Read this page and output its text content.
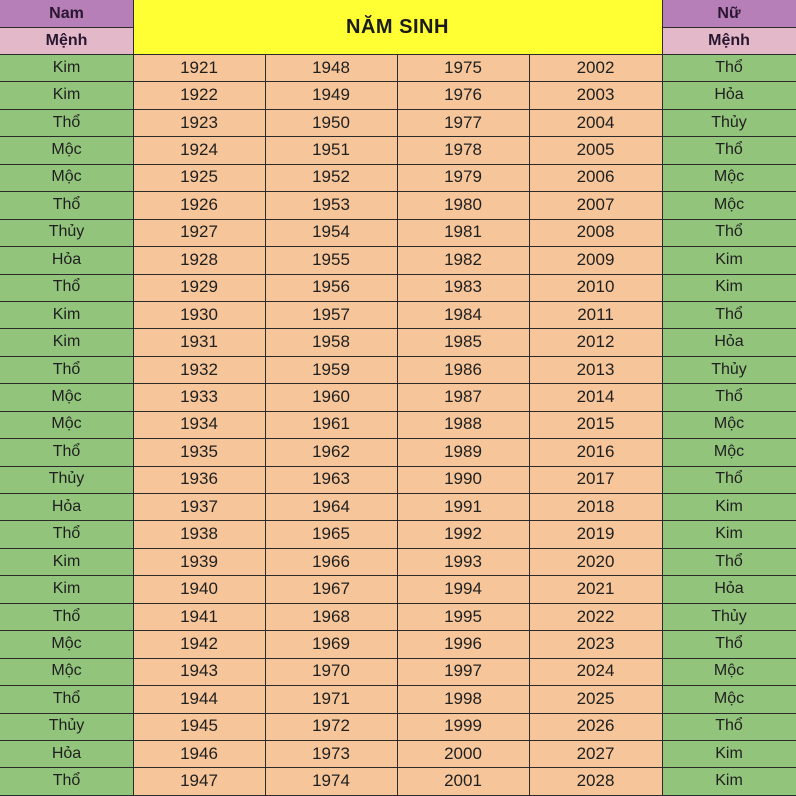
Nam
Mệnh
NĂM SINH
Nữ
Mệnh
Kim	1921	1948	1975	2002	Thổ
Kim	1922	1949	1976	2003	Hỏa
Thổ	1923	1950	1977	2004	Thủy
Mộc	1924	1951	1978	2005	Thổ
Mộc	1925	1952	1979	2006	Mộc
Thổ	1926	1953	1980	2007	Mộc
Thủy	1927	1954	1981	2008	Thổ
Hỏa	1928	1955	1982	2009	Kim
Thổ	1929	1956	1983	2010	Kim
Kim	1930	1957	1984	2011	Thổ
Kim	1931	1958	1985	2012	Hỏa
Thổ	1932	1959	1986	2013	Thủy
Mộc	1933	1960	1987	2014	Thổ
Mộc	1934	1961	1988	2015	Mộc
Thổ	1935	1962	1989	2016	Mộc
Thủy	1936	1963	1990	2017	Thổ
Hỏa	1937	1964	1991	2018	Kim
Thổ	1938	1965	1992	2019	Kim
Kim	1939	1966	1993	2020	Thổ
Kim	1940	1967	1994	2021	Hỏa
Thổ	1941	1968	1995	2022	Thủy
Mộc	1942	1969	1996	2023	Thổ
Mộc	1943	1970	1997	2024	Mộc
Thổ	1944	1971	1998	2025	Mộc
Thủy	1945	1972	1999	2026	Thổ
Hỏa	1946	1973	2000	2027	Kim
Thổ	1947	1974	2001	2028	Kim
